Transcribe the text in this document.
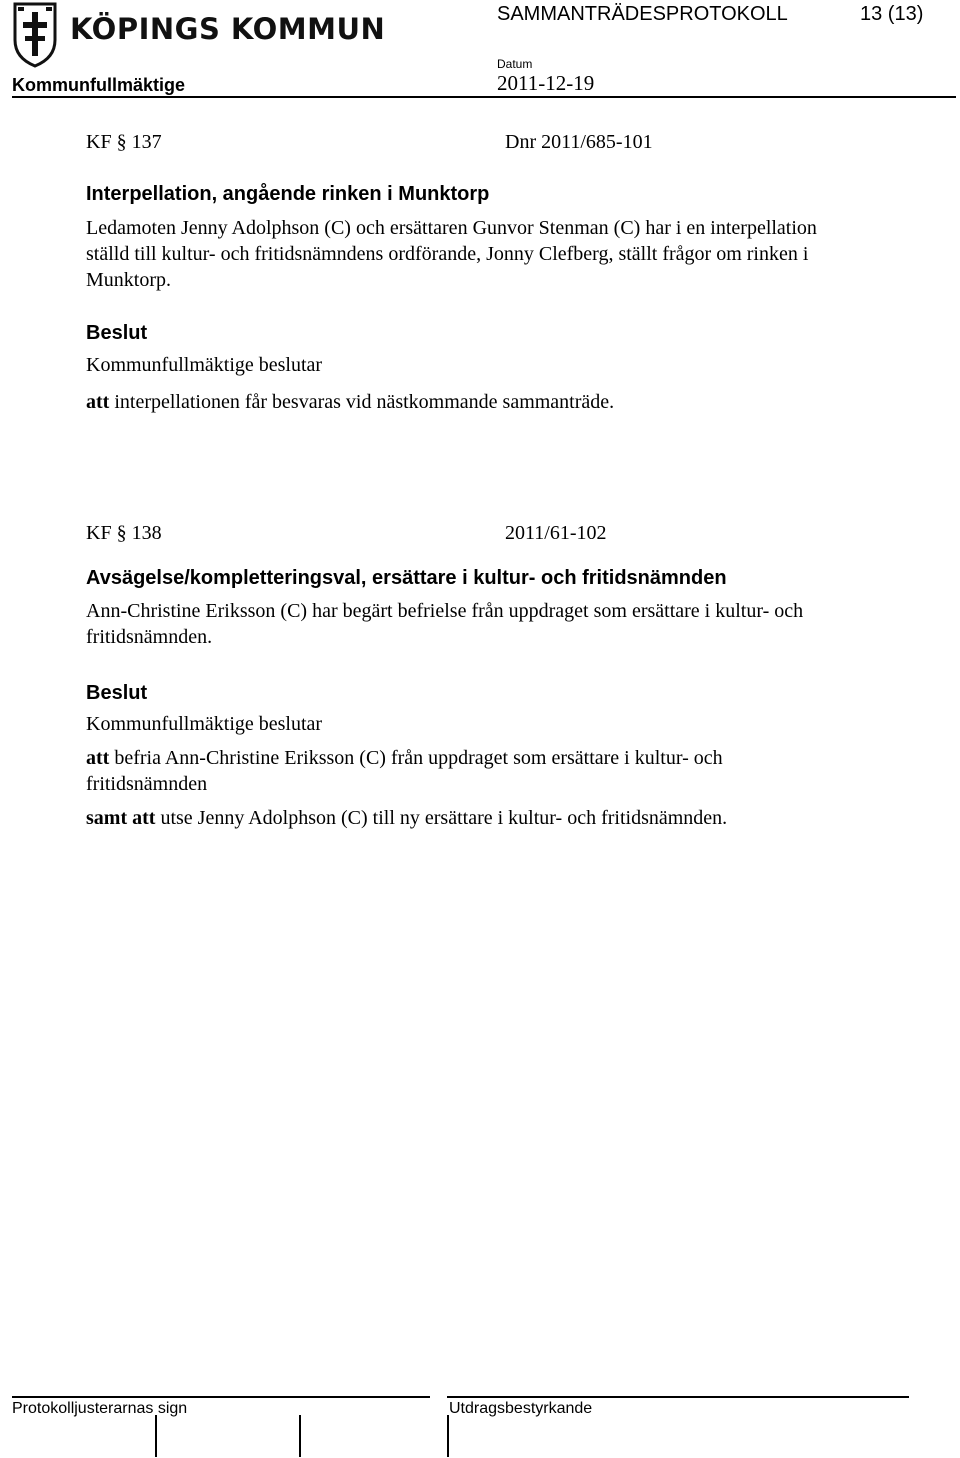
KÖPINGS KOMMUN	SAMMANTRÄDESPROTOKOLL	13 (13)
Kommunfullmäktige
Datum
2011-12-19
KF § 137	Dnr 2011/685-101
Interpellation, angående rinken i Munktorp
Ledamoten Jenny Adolphson (C) och ersättaren Gunvor Stenman (C) har i en interpellation ställd till kultur- och fritidsnämndens ordförande, Jonny Clefberg, ställt frågor om rinken i Munktorp.
Beslut
Kommunfullmäktige beslutar
att interpellationen får besvaras vid nästkommande sammanträde.
KF § 138	2011/61-102
Avsägelse/kompletteringsval, ersättare i kultur- och fritidsnämnden
Ann-Christine Eriksson (C) har begärt befrielse från uppdraget som ersättare i kultur- och fritidsnämnden.
Beslut
Kommunfullmäktige beslutar
att befria Ann-Christine Eriksson (C) från uppdraget som ersättare i kultur- och fritidsnämnden
samt att utse Jenny Adolphson (C) till ny ersättare i kultur- och fritidsnämnden.
Protokolljusterarnas sign	Utdragsbestyrkande
